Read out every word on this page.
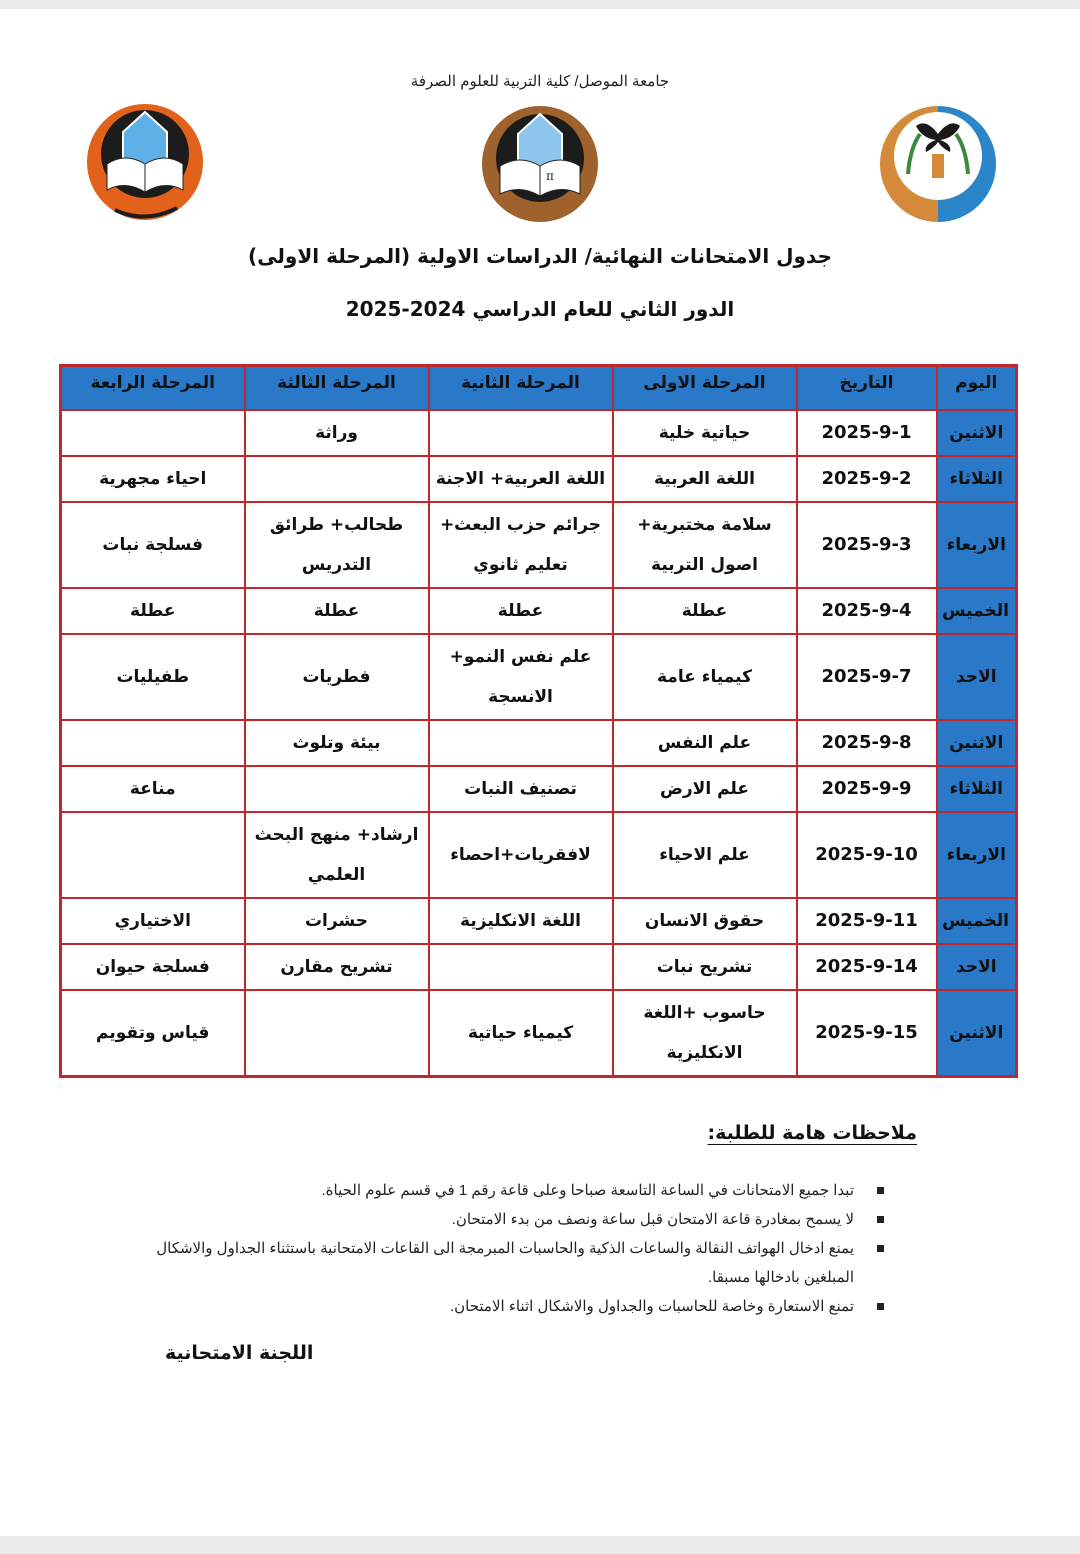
جامعة الموصل/ كلية التربية للعلوم الصرفة
π
جدول الامتحانات النهائية/ الدراسات الاولية (المرحلة الاولى)
الدور الثاني للعام الدراسي 2024-2025
اليوم	التاريخ	المرحلة الاولى	المرحلة الثانية	المرحلة الثالثة	المرحلة الرابعة
الاثنين	2025-9-1	حياتية خلية		وراثة	
الثلاثاء	2025-9-2	اللغة العربية	اللغة العربية+ الاجنة		احياء مجهرية
الاربعاء	2025-9-3	سلامة مختبرية+ اصول التربية	جرائم حزب البعث+ تعليم ثانوي	طحالب+ طرائق التدريس	فسلجة نبات
الخميس	2025-9-4	عطلة	عطلة	عطلة	عطلة
الاحد	2025-9-7	كيمياء عامة	علم نفس النمو+ الانسجة	فطريات	طفيليات
الاثنين	2025-9-8	علم النفس		بيئة وتلوث	
الثلاثاء	2025-9-9	علم الارض	تصنيف النبات		مناعة
الاربعاء	2025-9-10	علم الاحياء	لافقريات+احصاء	ارشاد+ منهج البحث العلمي	
الخميس	2025-9-11	حقوق الانسان	اللغة الانكليزية	حشرات	الاختياري
الاحد	2025-9-14	تشريح نبات		تشريح مقارن	فسلجة حيوان
الاثنين	2025-9-15	حاسوب +اللغة الانكليزية	كيمياء حياتية		قياس وتقويم
ملاحظات هامة للطلبة:
تبدا جميع الامتحانات في الساعة التاسعة صباحا وعلى قاعة رقم 1 في قسم علوم الحياة.
لا يسمح بمغادرة قاعة الامتحان قبل ساعة ونصف من بدء الامتحان.
يمنع ادخال الهواتف النقالة والساعات الذكية والحاسبات المبرمجة الى القاعات الامتحانية باستثناء الجداول والاشكال المبلغين بادخالها مسبقا.
تمنع الاستعارة وخاصة للحاسبات والجداول والاشكال اثناء الامتحان.
اللجنة الامتحانية
